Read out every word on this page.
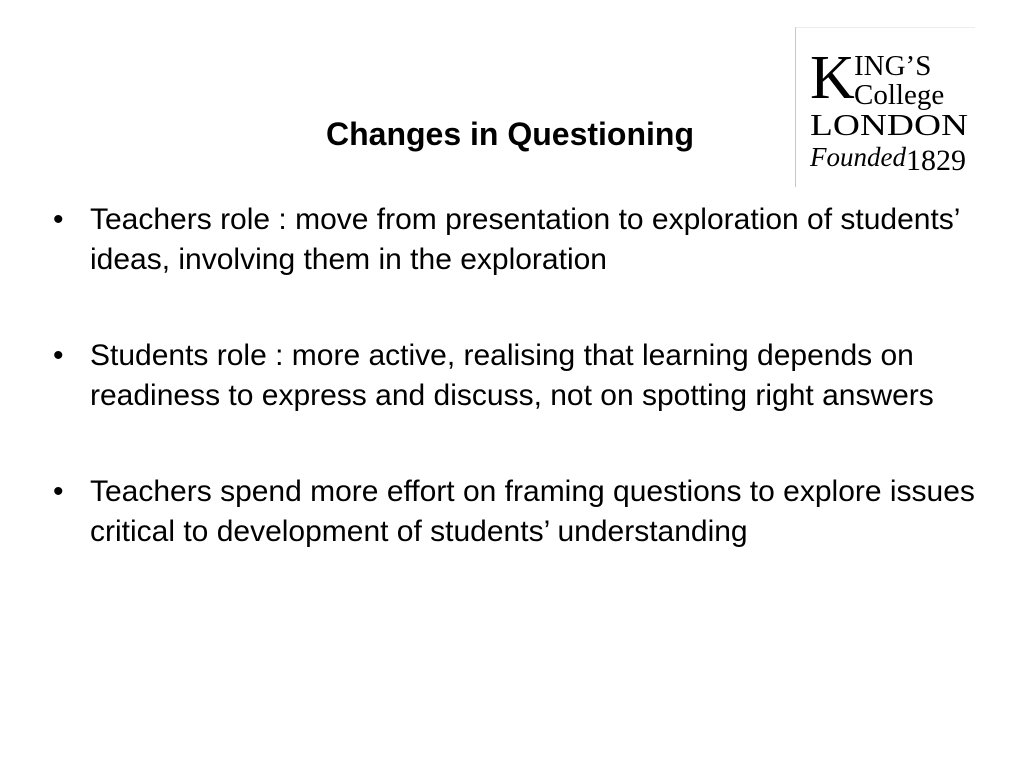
Changes in Questioning
K ING’S
College
LONDON
Founded 1829
• Teachers role : move from presentation to exploration of students’ ideas, involving them in the exploration
• Students role : more active, realising that learning depends on readiness to express and discuss, not on spotting right answers
• Teachers spend more effort on framing questions to explore issues critical to development of students’ understanding
